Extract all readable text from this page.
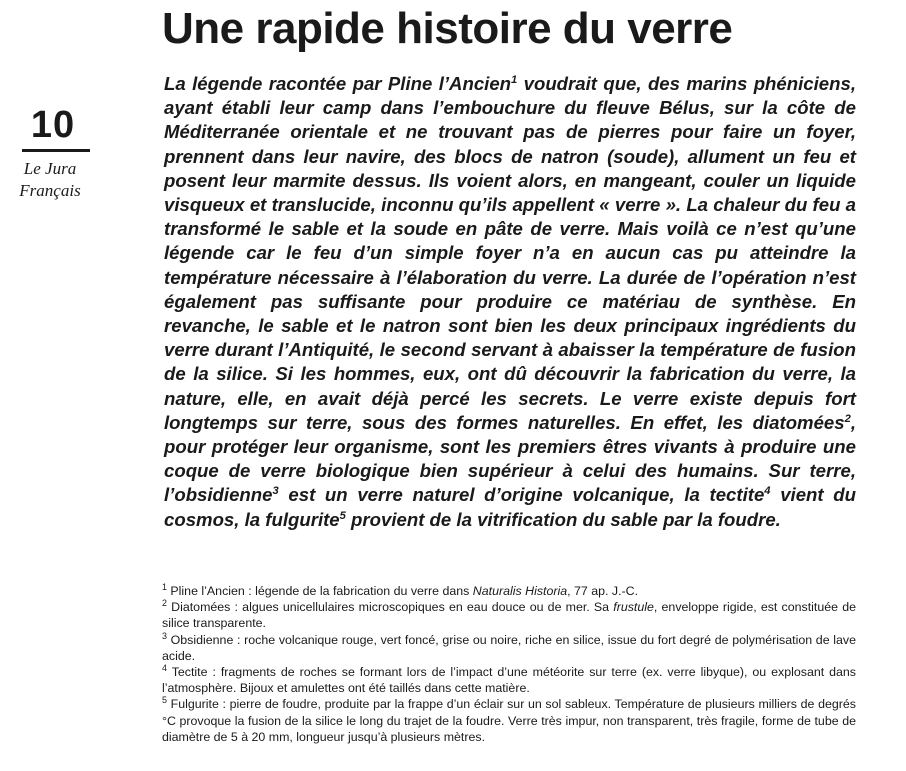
10
Le Jura
Français
Une rapide histoire du verre

La légende racontée par Pline l’Ancien$^1$ voudrait que, des marins phéniciens, ayant établi leur camp dans l’embouchure du fleuve Bélus, sur la côte de Méditerranée orientale et ne trouvant pas de pierres pour faire un foyer, prennent dans leur navire, des blocs de natron (soude), allument un feu et posent leur marmite dessus. Ils voient alors, en mangeant, couler un liquide visqueux et translucide, inconnu qu’ils appellent « verre ». La chaleur du feu a transformé le sable et la soude en pâte de verre. Mais voilà ce n’est qu’une légende car le feu d’un simple foyer n’a en aucun cas pu atteindre la température nécessaire à l’élaboration du verre. La durée de l’opération n’est également pas suffisante pour produire ce matériau de synthèse. En revanche, le sable et le natron sont bien les deux principaux ingrédients du verre durant l’Antiquité, le second servant à abaisser la température de fusion de la silice. Si les hommes, eux, ont dû découvrir la fabrication du verre, la nature, elle, en avait déjà percé les secrets. Le verre existe depuis fort longtemps sur terre, sous des formes naturelles. En effet, les diatomées$^2$, pour protéger leur organisme, sont les premiers êtres vivants à produire une coque de verre biologique bien supérieur à celui des humains. Sur terre, l’obsidienne$^3$ est un verre naturel d’origine volcanique, la tectite$^4$ vient du cosmos, la fulgurite$^5$ provient de la vitrification du sable par la foudre.

$^1$ Pline l’Ancien : légende de la fabrication du verre dans Naturalis Historia, 77 ap. J.-C.

$^2$ Diatomées : algues unicellulaires microscopiques en eau douce ou de mer. Sa frustule, enveloppe rigide, est constituée de silice transparente.

$^3$ Obsidienne : roche volcanique rouge, vert foncé, grise ou noire, riche en silice, issue du fort degré de polymérisation de lave acide.

$^4$ Tectite : fragments de roches se formant lors de l’impact d’une météorite sur terre (ex. verre libyque), ou explosant dans l’atmosphère. Bijoux et amulettes ont été taillés dans cette matière.

$^5$ Fulgurite : pierre de foudre, produite par la frappe d’un éclair sur un sol sableux. Température de plusieurs milliers de degrés °C provoque la fusion de la silice le long du trajet de la foudre. Verre très impur, non transparent, très fragile, forme de tube de diamètre de 5 à 20 mm, longueur jusqu’à plusieurs mètres.
